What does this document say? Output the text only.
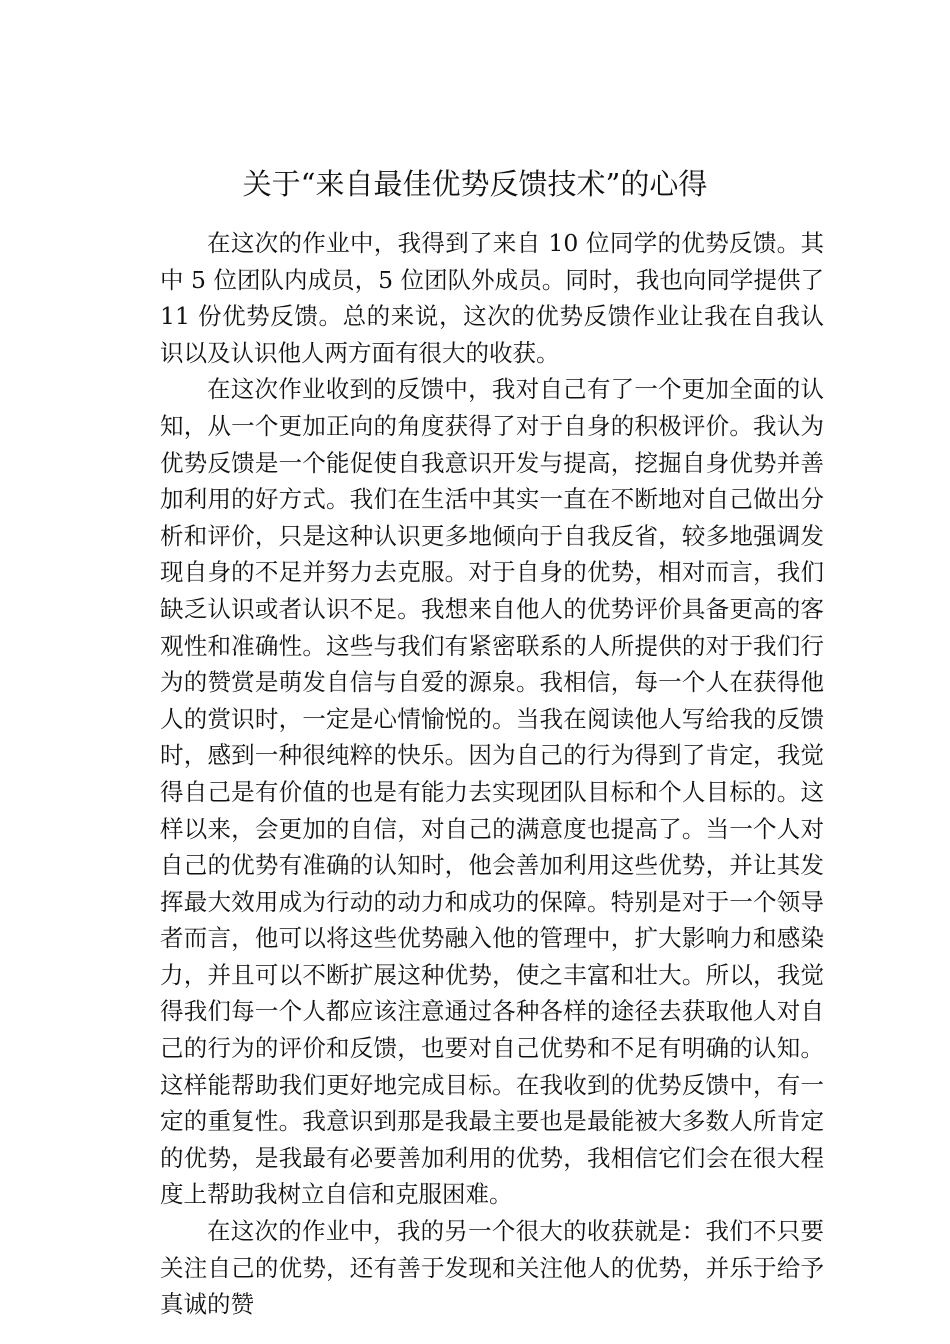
关于“来自最佳优势反馈技术”的心得

在这次的作业中，我得到了来自 10 位同学的优势反馈。其中 5 位团队内成员，5 位团队外成员。同时，我也向同学提供了 11 份优势反馈。总的来说，这次的优势反馈作业让我在自我认识以及认识他人两方面有很大的收获。

在这次作业收到的反馈中，我对自己有了一个更加全面的认知，从一个更加正向的角度获得了对于自身的积极评价。我认为优势反馈是一个能促使自我意识开发与提高，挖掘自身优势并善加利用的好方式。我们在生活中其实一直在不断地对自己做出分析和评价，只是这种认识更多地倾向于自我反省，较多地强调发现自身的不足并努力去克服。对于自身的优势，相对而言，我们缺乏认识或者认识不足。我想来自他人的优势评价具备更高的客观性和准确性。这些与我们有紧密联系的人所提供的对于我们行为的赞赏是萌发自信与自爱的源泉。我相信，每一个人在获得他人的赏识时，一定是心情愉悦的。当我在阅读他人写给我的反馈时，感到一种很纯粹的快乐。因为自己的行为得到了肯定，我觉得自己是有价值的也是有能力去实现团队目标和个人目标的。这样以来，会更加的自信，对自己的满意度也提高了。当一个人对自己的优势有准确的认知时，他会善加利用这些优势，并让其发挥最大效用成为行动的动力和成功的保障。特别是对于一个领导者而言，他可以将这些优势融入他的管理中，扩大影响力和感染力，并且可以不断扩展这种优势，使之丰富和壮大。所以，我觉得我们每一个人都应该注意通过各种各样的途径去获取他人对自己的行为的评价和反馈，也要对自己优势和不足有明确的认知。这样能帮助我们更好地完成目标。在我收到的优势反馈中，有一定的重复性。我意识到那是我最主要也是最能被大多数人所肯定的优势，是我最有必要善加利用的优势，我相信它们会在很大程度上帮助我树立自信和克服困难。

在这次的作业中，我的另一个很大的收获就是：我们不只要关注自己的优势，还有善于发现和关注他人的优势，并乐于给予真诚的赞
